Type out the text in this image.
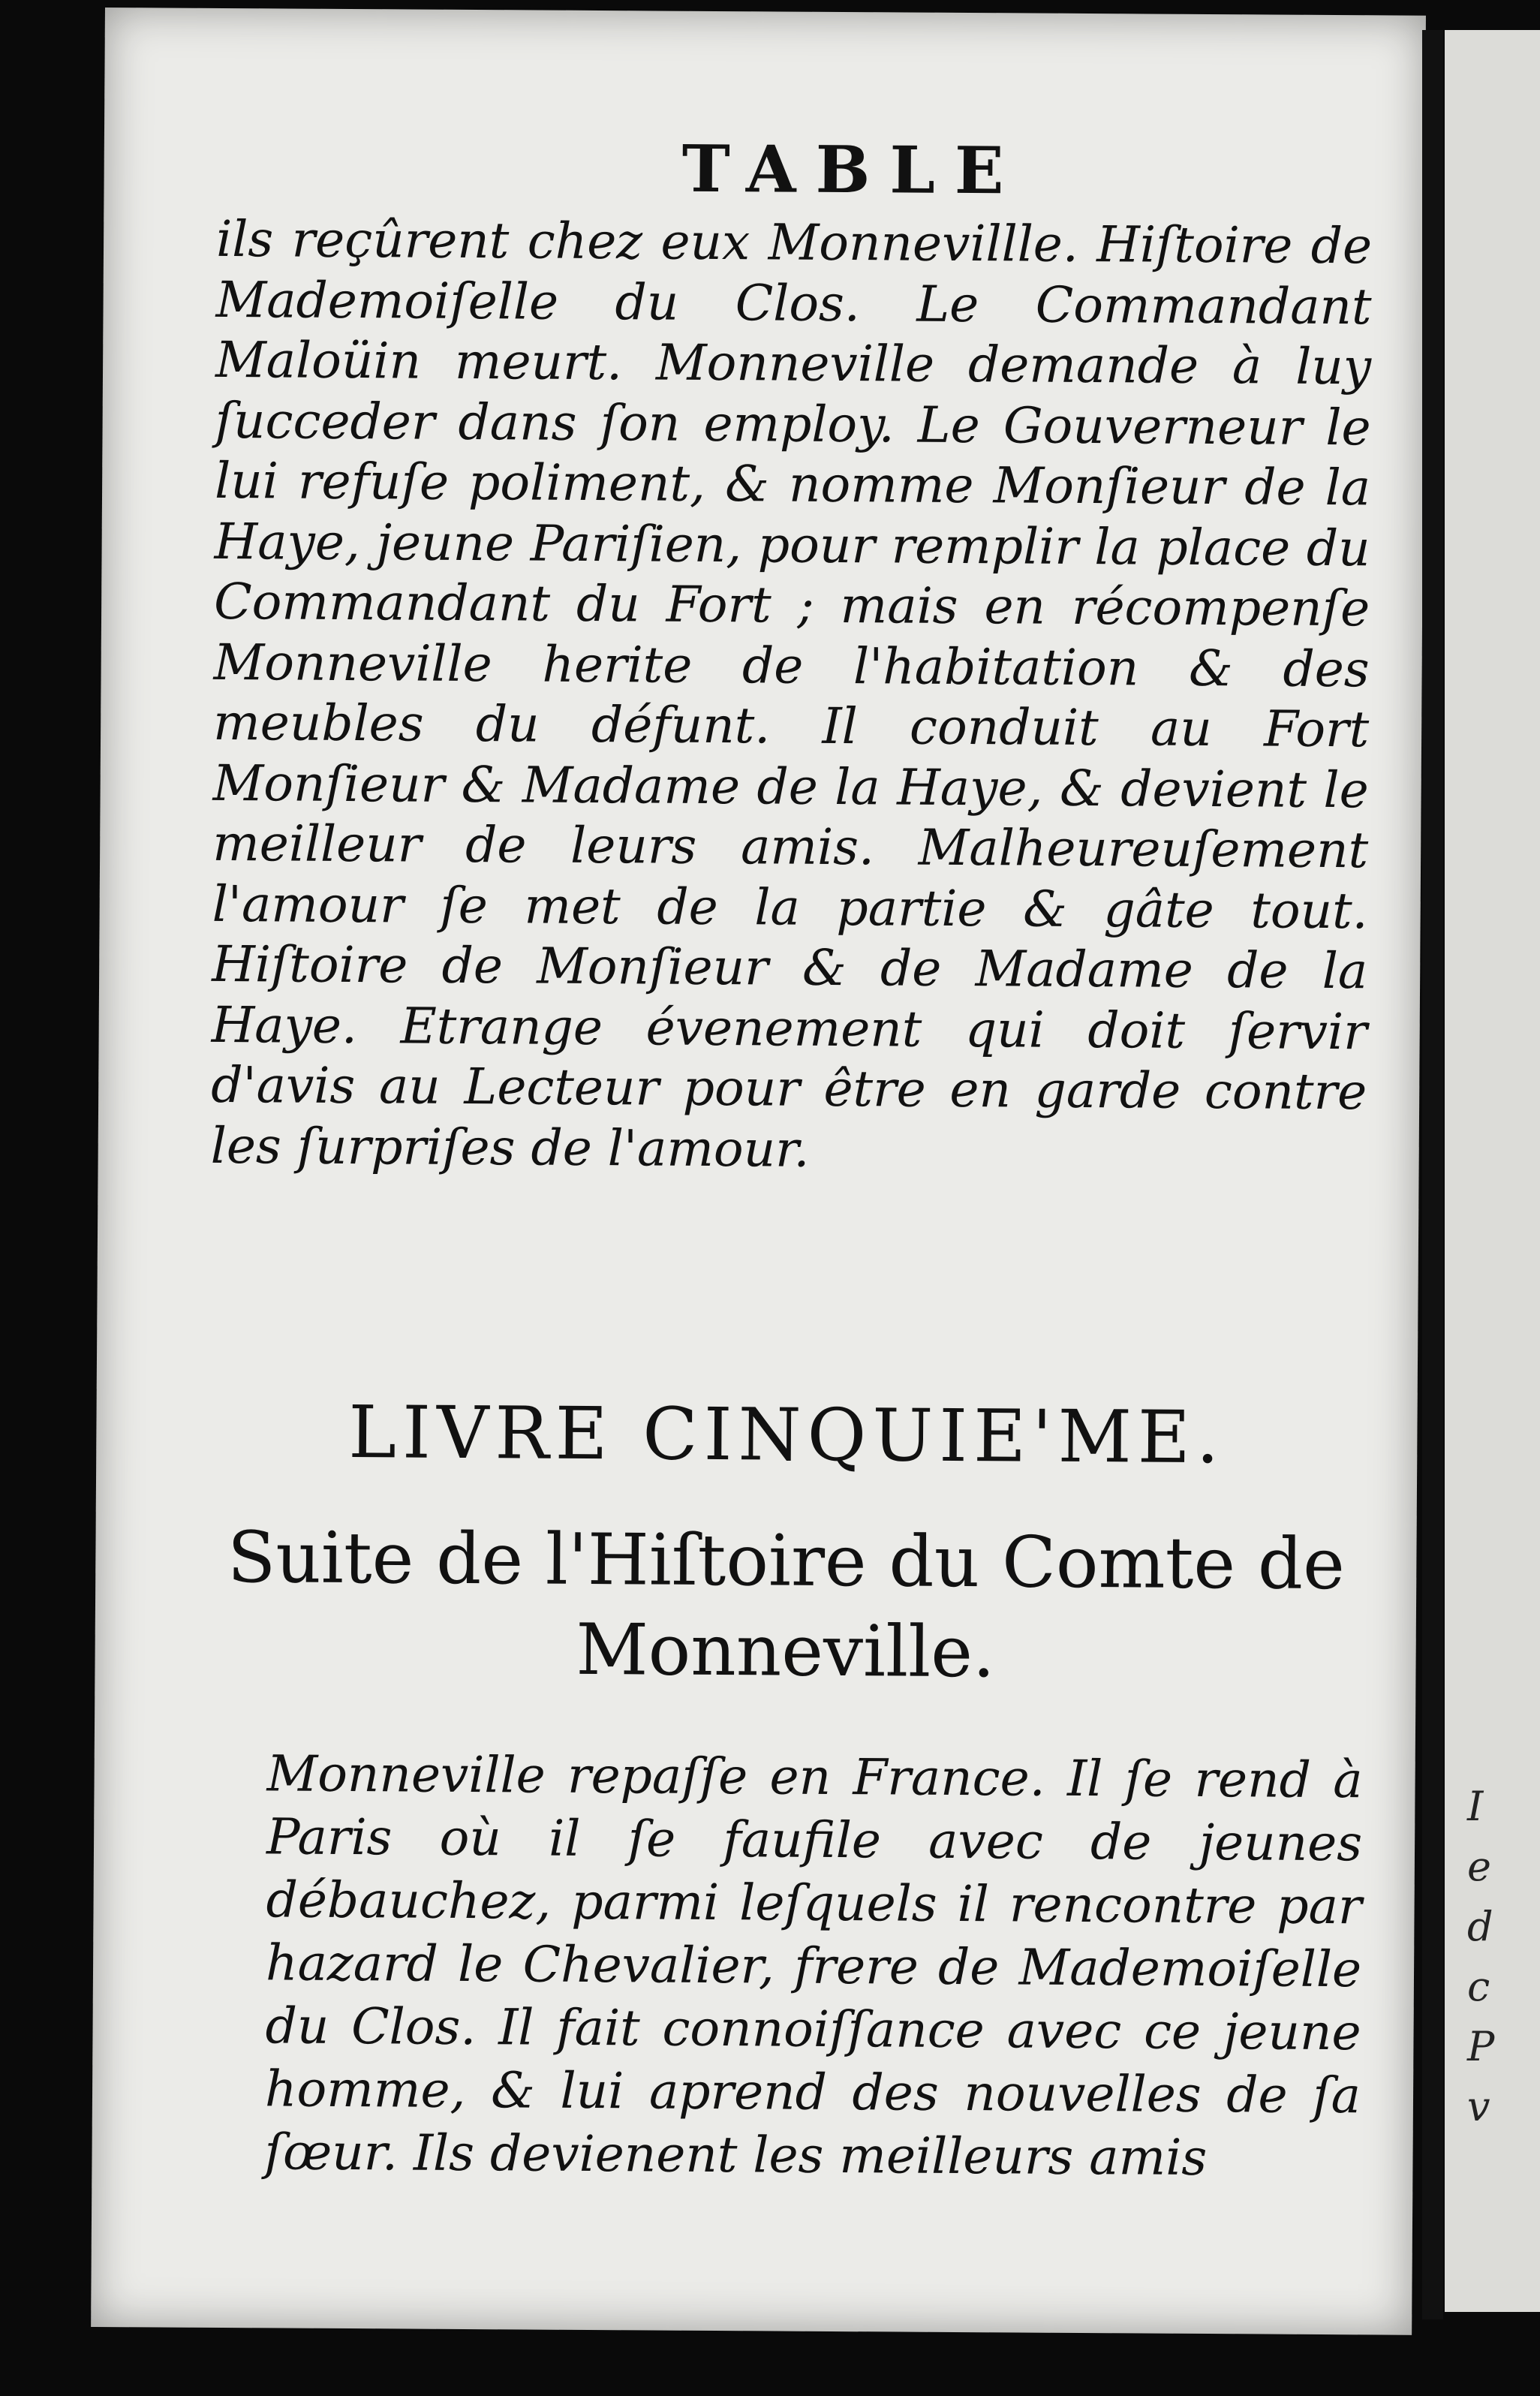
TABLE
ils reçûrent chez eux Monnevillle. Hiſtoire de Mademoiſelle du Clos. Le Commandant Maloüin meurt. Monneville demande à luy ſucceder dans ſon employ. Le Gouverneur le lui refuſe poliment, & nomme Monſieur de la Haye, jeune Pariſien, pour remplir la place du Commandant du Fort ; mais en récompenſe Monneville herite de l'habitation & des meubles du défunt. Il conduit au Fort Monſieur & Madame de la Haye, & devient le meilleur de leurs amis. Malheureuſement l'amour ſe met de la partie & gâte tout. Hiſtoire de Monſieur & de Madame de la Haye. Etrange évenement qui doit ſervir d'avis au Lecteur pour être en garde contre les ſurpriſes de l'amour.
LIVRE CINQUIE'ME.
Suite de l'Hiſtoire du Comte de Monneville.
Monneville repaſſe en France. Il ſe rend à Paris où il ſe faufile avec de jeunes débauchez, parmi leſquels il rencontre par hazard le Chevalier, frere de Mademoiſelle du Clos. Il fait connoiſſance avec ce jeune homme, & lui aprend des nouvelles de ſa ſœur. Ils devienent les meilleurs amis
I
e
d
c
P
v
